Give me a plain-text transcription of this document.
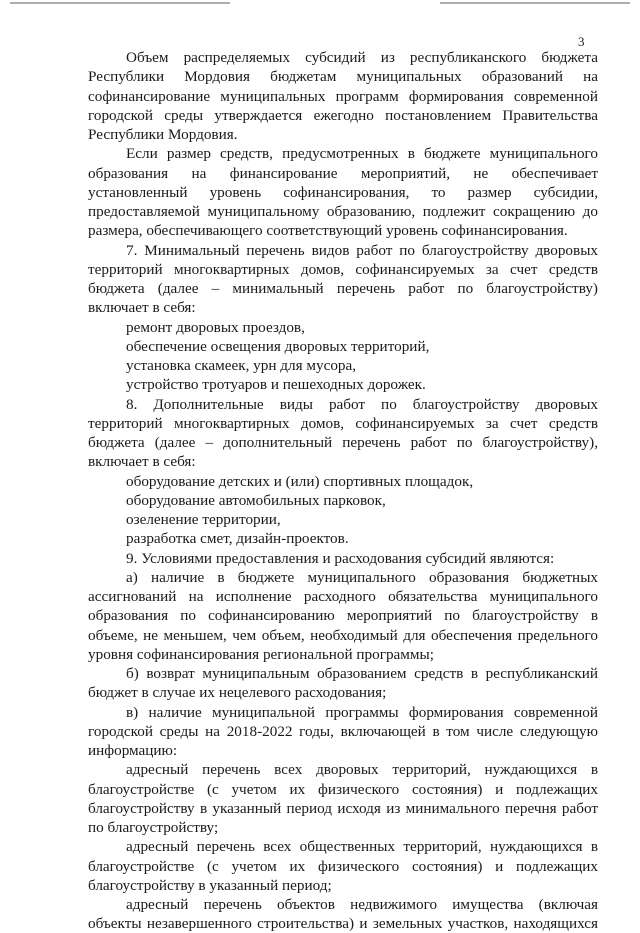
3
Объем распределяемых субсидий из республиканского бюджета
Республики Мордовия бюджетам муниципальных образований на
софинансирование муниципальных программ формирования современной
городской среды утверждается ежегодно постановлением Правительства
Республики Мордовия.
Если размер средств, предусмотренных в бюджете муниципального
образования на финансирование мероприятий, не обеспечивает
установленный уровень софинансирования, то размер субсидии,
предоставляемой муниципальному образованию, подлежит сокращению до
размера, обеспечивающего соответствующий уровень софинансирования.
7. Минимальный перечень видов работ по благоустройству дворовых
территорий многоквартирных домов, софинансируемых за счет средств
бюджета (далее – минимальный перечень работ по благоустройству)
включает в себя:
ремонт дворовых проездов,
обеспечение освещения дворовых территорий,
установка скамеек, урн для мусора,
устройство тротуаров и пешеходных дорожек.
8. Дополнительные виды работ по благоустройству дворовых
территорий многоквартирных домов, софинансируемых за счет средств
бюджета (далее – дополнительный перечень работ по благоустройству),
включает в себя:
оборудование детских и (или) спортивных площадок,
оборудование автомобильных парковок,
озеленение территории,
разработка смет, дизайн-проектов.
9. Условиями предоставления и расходования субсидий являются:
а) наличие в бюджете муниципального образования бюджетных
ассигнований на исполнение расходного обязательства муниципального
образования по софинансированию мероприятий по благоустройству в
объеме, не меньшем, чем объем, необходимый для обеспечения предельного
уровня софинансирования региональной программы;
б) возврат муниципальным образованием средств в республиканский
бюджет в случае их нецелевого расходования;
в) наличие муниципальной программы формирования современной
городской среды на 2018-2022 годы, включающей в том числе следующую
информацию:
адресный перечень всех дворовых территорий, нуждающихся в
благоустройстве (с учетом их физического состояния) и подлежащих
благоустройству в указанный период исходя из минимального перечня работ
по благоустройству;
адресный перечень всех общественных территорий, нуждающихся в
благоустройстве (с учетом их физического состояния) и подлежащих
благоустройству в указанный период;
адресный перечень объектов недвижимого имущества (включая
объекты незавершенного строительства) и земельных участков, находящихся
